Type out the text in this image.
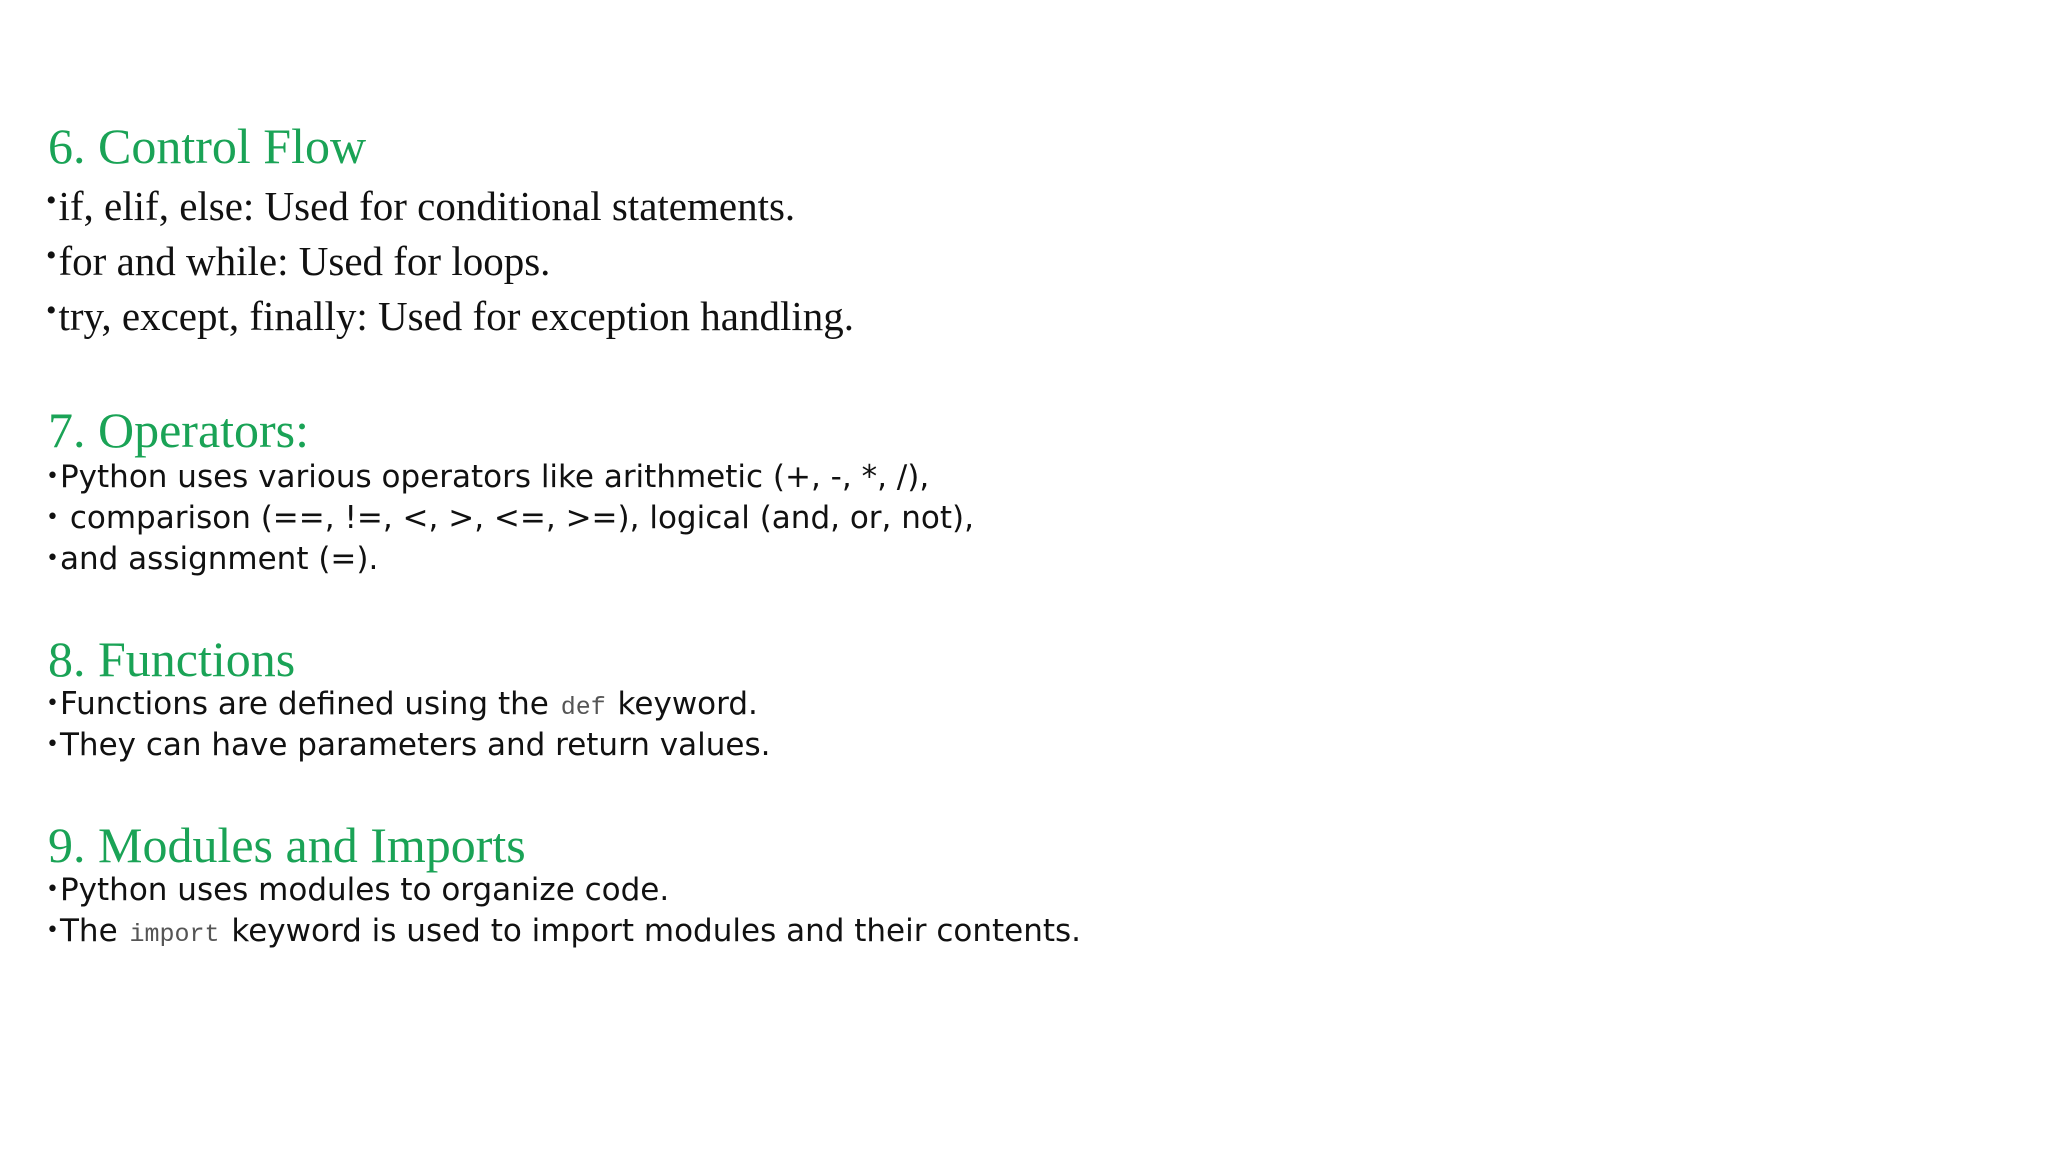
6. Control Flow

•if, elif, else: Used for conditional statements.

•for and while: Used for loops.

•try, except, finally: Used for exception handling.

7. Operators:

•Python uses various operators like arithmetic (+, -, *, /),

• comparison (==, !=, <, >, <=, >=), logical (and, or, not),

•and assignment (=).

8. Functions

•Functions are defined using the def keyword.

•They can have parameters and return values.

9. Modules and Imports

•Python uses modules to organize code.

•The import keyword is used to import modules and their contents.
